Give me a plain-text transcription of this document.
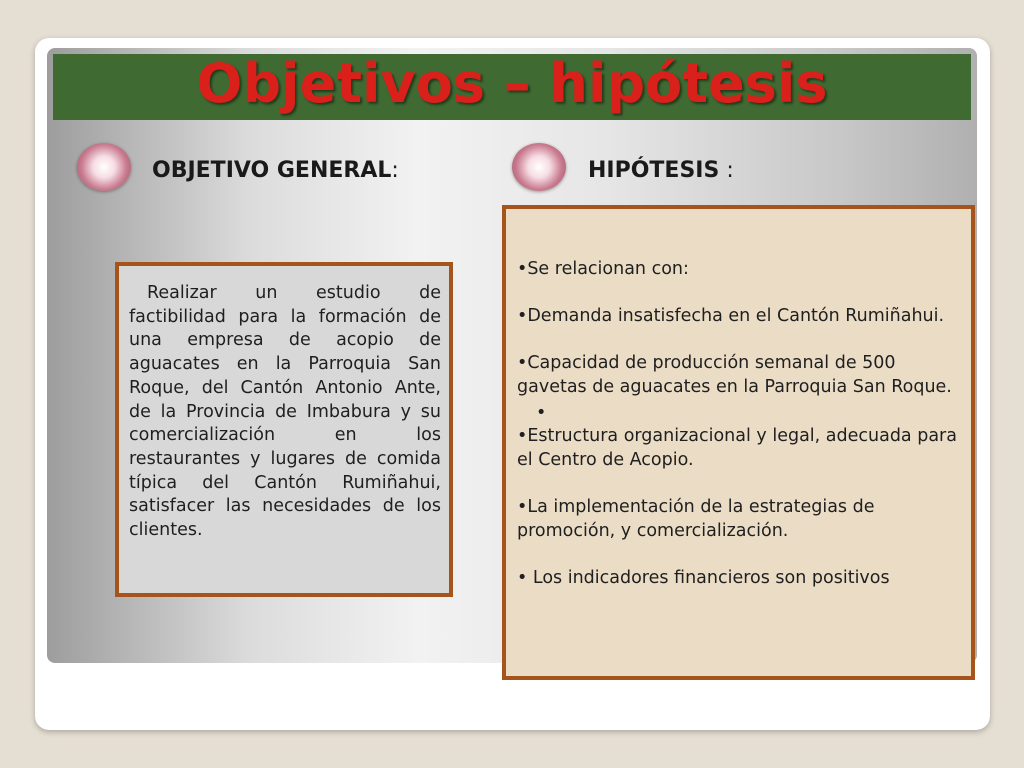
Objetivos – hipótesis
OBJETIVO GENERAL:	HIPÓTESIS :

Realizar un estudio de factibilidad para la formación de una empresa de acopio de aguacates en la Parroquia San Roque, del Cantón Antonio Ante, de la Provincia de Imbabura y su comercialización en los restaurantes y lugares de comida típica del Cantón Rumiñahui, satisfacer las necesidades de los clientes.

•Se relacionan con:
•Demanda insatisfecha en el Cantón Rumiñahui.
•Capacidad de producción semanal de 500 gavetas de aguacates en la Parroquia San Roque.
•
•Estructura organizacional y legal, adecuada para el Centro de Acopio.
•La implementación de la estrategias de promoción, y comercialización.
• Los indicadores financieros son positivos
